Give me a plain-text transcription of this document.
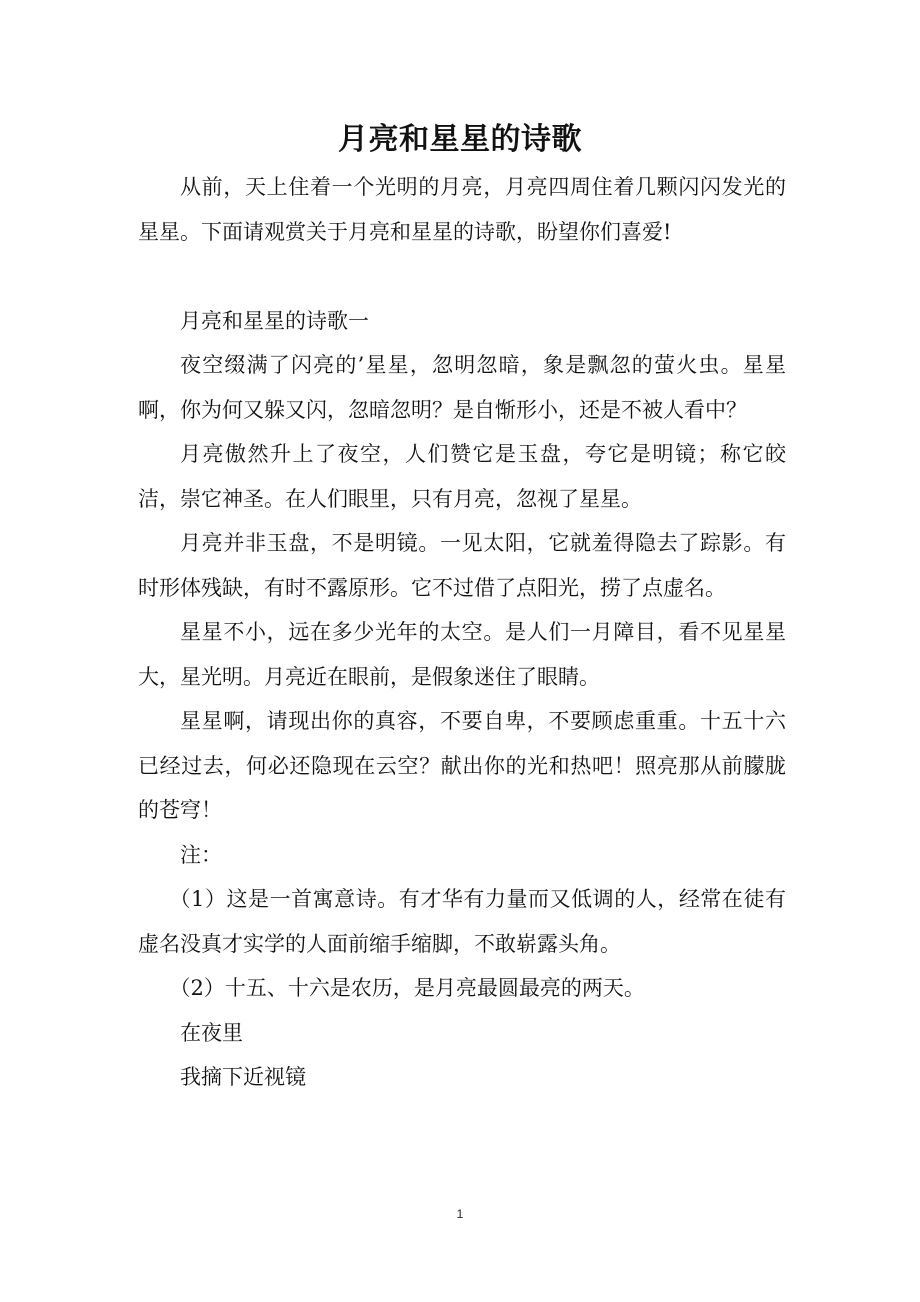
月亮和星星的诗歌

从前，天上住着一个光明的月亮，月亮四周住着几颗闪闪发光的星星。下面请观赏关于月亮和星星的诗歌，盼望你们喜爱!

月亮和星星的诗歌一

夜空缀满了闪亮的’星星，忽明忽暗，象是飘忽的萤火虫。星星啊，你为何又躲又闪，忽暗忽明？是自惭形小，还是不被人看中？

月亮傲然升上了夜空，人们赞它是玉盘，夸它是明镜；称它皎洁，崇它神圣。在人们眼里，只有月亮，忽视了星星。

月亮并非玉盘，不是明镜。一见太阳，它就羞得隐去了踪影。有时形体残缺，有时不露原形。它不过借了点阳光，捞了点虚名。

星星不小，远在多少光年的太空。是人们一月障目，看不见星星大，星光明。月亮近在眼前，是假象迷住了眼睛。

星星啊，请现出你的真容，不要自卑，不要顾虑重重。十五十六已经过去，何必还隐现在云空？献出你的光和热吧！照亮那从前朦胧的苍穹！

注：

（1）这是一首寓意诗。有才华有力量而又低调的人，经常在徒有虚名没真才实学的人面前缩手缩脚，不敢崭露头角。

（2）十五、十六是农历，是月亮最圆最亮的两天。

在夜里

我摘下近视镜

1
